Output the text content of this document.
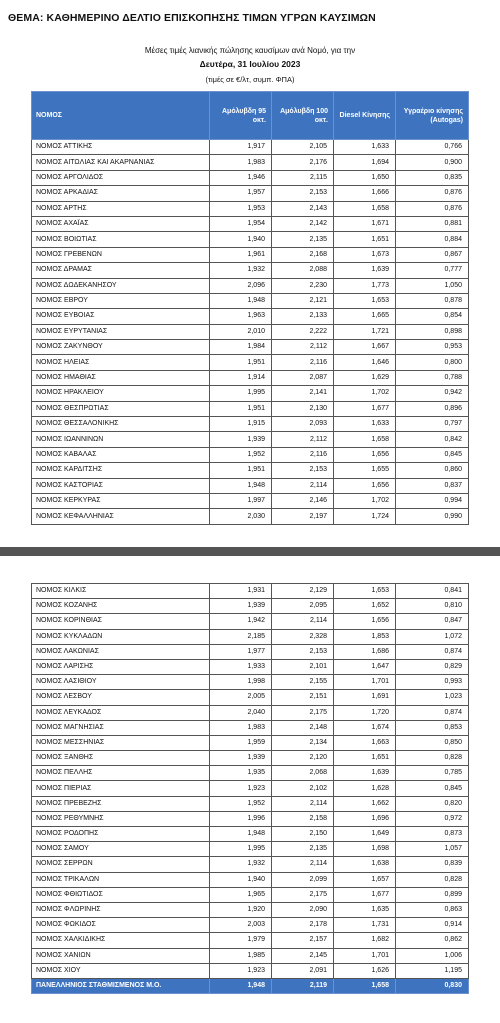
ΘΕΜΑ: ΚΑΘΗΜΕΡΙΝΟ ΔΕΛΤΙΟ ΕΠΙΣΚΟΠΗΣΗΣ ΤΙΜΩΝ ΥΓΡΩΝ ΚΑΥΣΙΜΩΝ
Μέσες τιμές λιανικής πώλησης καυσίμων ανά Νομό, για την
Δευτέρα, 31 Ιουλίου 2023
(τιμές σε €/λτ, συμπ. ΦΠΑ)
ΝΟΜΟΣ	Αμόλυβδη 95 οκτ.	Αμόλυβδη 100 οκτ.	Diesel Κίνησης	Υγραέριο κίνησης (Autogas)
ΝΟΜΟΣ ΑΤΤΙΚΗΣ	1,917	2,105	1,633	0,766
ΝΟΜΟΣ ΑΙΤΩΛΙΑΣ ΚΑΙ ΑΚΑΡΝΑΝΙΑΣ	1,983	2,176	1,694	0,900
ΝΟΜΟΣ ΑΡΓΟΛΙΔΟΣ	1,946	2,115	1,650	0,835
ΝΟΜΟΣ ΑΡΚΑΔΙΑΣ	1,957	2,153	1,666	0,876
ΝΟΜΟΣ ΑΡΤΗΣ	1,953	2,143	1,658	0,876
ΝΟΜΟΣ ΑΧΑΪΑΣ	1,954	2,142	1,671	0,881
ΝΟΜΟΣ ΒΟΙΩΤΙΑΣ	1,940	2,135	1,651	0,884
ΝΟΜΟΣ ΓΡΕΒΕΝΩΝ	1,961	2,168	1,673	0,867
ΝΟΜΟΣ ΔΡΑΜΑΣ	1,932	2,088	1,639	0,777
ΝΟΜΟΣ ΔΩΔΕΚΑΝΗΣΟΥ	2,096	2,230	1,773	1,050
ΝΟΜΟΣ ΕΒΡΟΥ	1,948	2,121	1,653	0,878
ΝΟΜΟΣ ΕΥΒΟΙΑΣ	1,963	2,133	1,665	0,854
ΝΟΜΟΣ ΕΥΡΥΤΑΝΙΑΣ	2,010	2,222	1,721	0,898
ΝΟΜΟΣ ΖΑΚΥΝΘΟΥ	1,984	2,112	1,667	0,953
ΝΟΜΟΣ ΗΛΕΙΑΣ	1,951	2,116	1,646	0,800
ΝΟΜΟΣ ΗΜΑΘΙΑΣ	1,914	2,087	1,629	0,788
ΝΟΜΟΣ ΗΡΑΚΛΕΙΟΥ	1,995	2,141	1,702	0,942
ΝΟΜΟΣ ΘΕΣΠΡΩΤΙΑΣ	1,951	2,130	1,677	0,896
ΝΟΜΟΣ ΘΕΣΣΑΛΟΝΙΚΗΣ	1,915	2,093	1,633	0,797
ΝΟΜΟΣ ΙΩΑΝΝΙΝΩΝ	1,939	2,112	1,658	0,842
ΝΟΜΟΣ ΚΑΒΑΛΑΣ	1,952	2,116	1,656	0,845
ΝΟΜΟΣ ΚΑΡΔΙΤΣΗΣ	1,951	2,153	1,655	0,860
ΝΟΜΟΣ ΚΑΣΤΟΡΙΑΣ	1,948	2,114	1,656	0,837
ΝΟΜΟΣ ΚΕΡΚΥΡΑΣ	1,997	2,146	1,702	0,994
ΝΟΜΟΣ ΚΕΦΑΛΛΗΝΙΑΣ	2,030	2,197	1,724	0,990
ΝΟΜΟΣ ΚΙΛΚΙΣ	1,931	2,129	1,653	0,841
ΝΟΜΟΣ ΚΟΖΑΝΗΣ	1,939	2,095	1,652	0,810
ΝΟΜΟΣ ΚΟΡΙΝΘΙΑΣ	1,942	2,114	1,656	0,847
ΝΟΜΟΣ ΚΥΚΛΑΔΩΝ	2,185	2,328	1,853	1,072
ΝΟΜΟΣ ΛΑΚΩΝΙΑΣ	1,977	2,153	1,686	0,874
ΝΟΜΟΣ ΛΑΡΙΣΗΣ	1,933	2,101	1,647	0,829
ΝΟΜΟΣ ΛΑΣΙΘΙΟΥ	1,998	2,155	1,701	0,993
ΝΟΜΟΣ ΛΕΣΒΟΥ	2,005	2,151	1,691	1,023
ΝΟΜΟΣ ΛΕΥΚΑΔΟΣ	2,040	2,175	1,720	0,874
ΝΟΜΟΣ ΜΑΓΝΗΣΙΑΣ	1,983	2,148	1,674	0,853
ΝΟΜΟΣ ΜΕΣΣΗΝΙΑΣ	1,959	2,134	1,663	0,850
ΝΟΜΟΣ ΞΑΝΘΗΣ	1,939	2,120	1,651	0,828
ΝΟΜΟΣ ΠΕΛΛΗΣ	1,935	2,068	1,639	0,785
ΝΟΜΟΣ ΠΙΕΡΙΑΣ	1,923	2,102	1,628	0,845
ΝΟΜΟΣ ΠΡΕΒΕΖΗΣ	1,952	2,114	1,662	0,820
ΝΟΜΟΣ ΡΕΘΥΜΝΗΣ	1,996	2,158	1,696	0,972
ΝΟΜΟΣ ΡΟΔΟΠΗΣ	1,948	2,150	1,649	0,873
ΝΟΜΟΣ ΣΑΜΟΥ	1,995	2,135	1,698	1,057
ΝΟΜΟΣ ΣΕΡΡΩΝ	1,932	2,114	1,638	0,839
ΝΟΜΟΣ ΤΡΙΚΑΛΩΝ	1,940	2,099	1,657	0,828
ΝΟΜΟΣ ΦΘΙΩΤΙΔΟΣ	1,965	2,175	1,677	0,899
ΝΟΜΟΣ ΦΛΩΡΙΝΗΣ	1,920	2,090	1,635	0,863
ΝΟΜΟΣ ΦΩΚΙΔΟΣ	2,003	2,178	1,731	0,914
ΝΟΜΟΣ ΧΑΛΚΙΔΙΚΗΣ	1,979	2,157	1,682	0,862
ΝΟΜΟΣ ΧΑΝΙΩΝ	1,985	2,145	1,701	1,006
ΝΟΜΟΣ ΧΙΟΥ	1,923	2,091	1,626	1,195
ΠΑΝΕΛΛΗΝΙΟΣ ΣΤΑΘΜΙΣΜΕΝΟΣ Μ.Ο.	1,948	2,119	1,658	0,830
